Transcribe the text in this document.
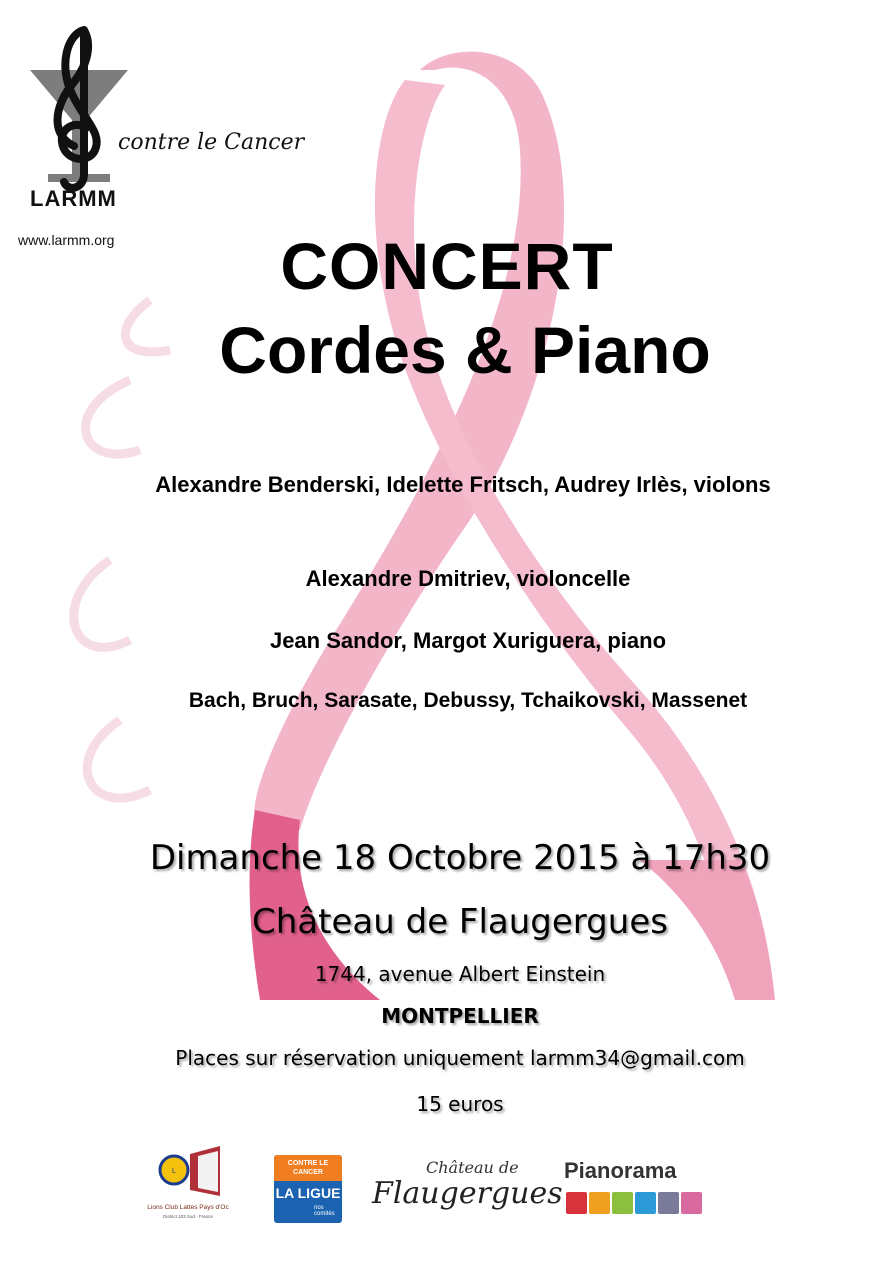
LARMM
contre le Cancer
www.larmm.org	CONCERT
Cordes & Piano
Alexandre Benderski, Idelette Fritsch, Audrey Irlès, violons
Alexandre Dmitriev, violoncelle
Jean Sandor, Margot Xuriguera, piano
Bach, Bruch, Sarasate, Debussy, Tchaikovski, Massenet
Dimanche 18 Octobre 2015 à 17h30
Château de Flaugergues
1744, avenue Albert Einstein
MONTPELLIER
Places sur réservation uniquement larmm34@gmail.com
15 euros
L
Lions Club Lattes Pays d'Oc
District 103 Sud - France
CONTRE LE CANCER
LA LIGUE
nos comités
Château de
Flaugergues
Pianorama
